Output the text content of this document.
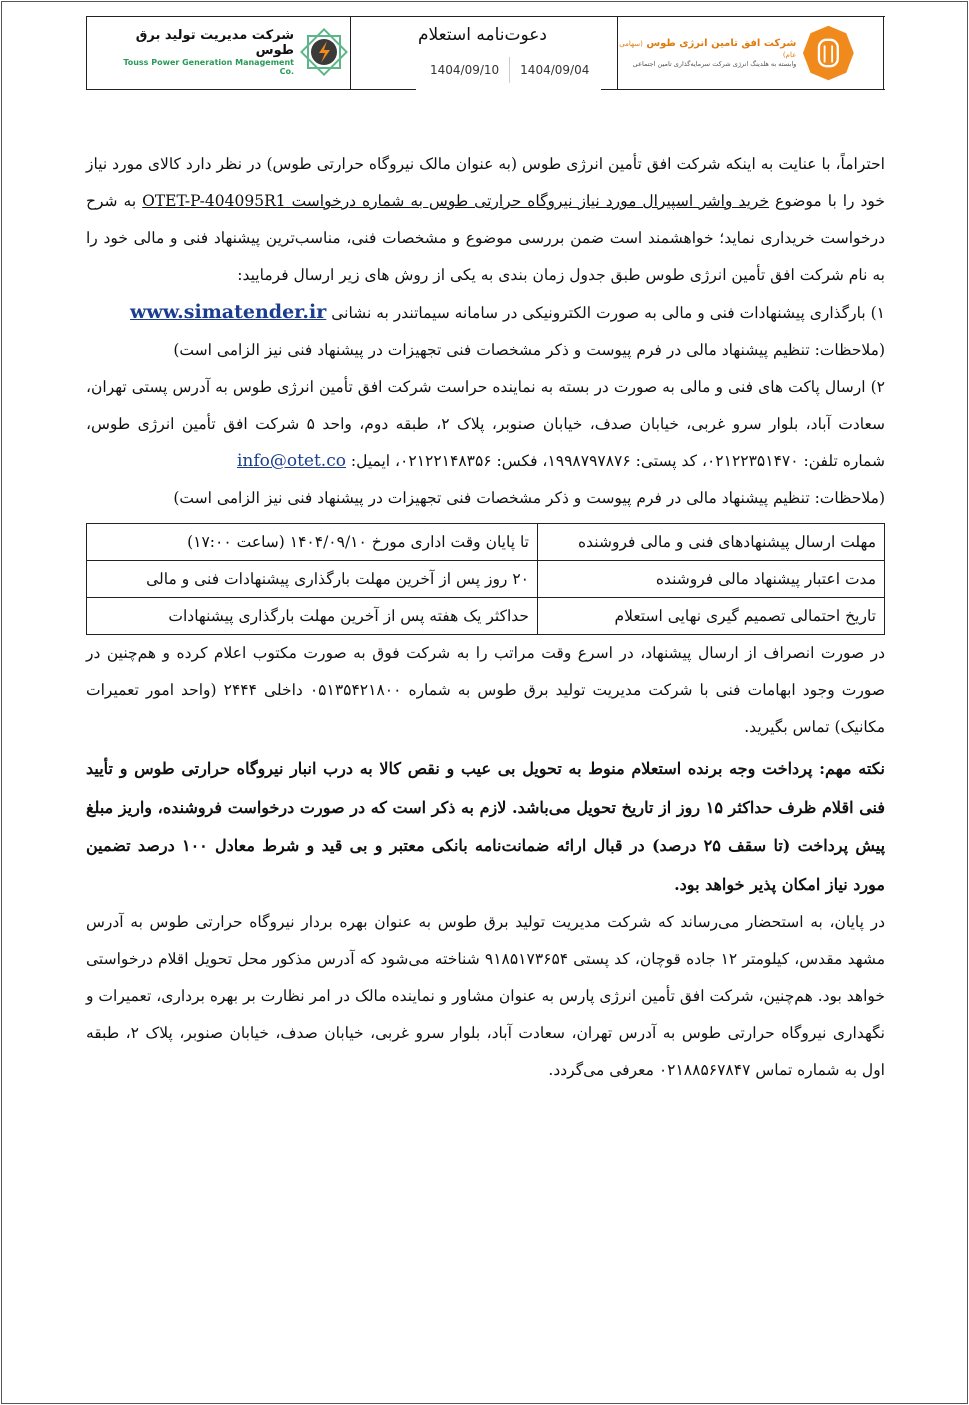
شرکت مدیریت تولید برق طوس
Touss Power Generation Management Co.
دعوت‌نامه استعلام
1404/09/10	1404/09/04
شرکت افق تامین انرژی طوس (سهامی عام)
وابسته به هلدینگ انرژی شرکت سرمایه‌گذاری تامین اجتماعی

احتراماً، با عنایت به اینکه شرکت افق تأمین انرژی طوس (به عنوان مالک نیروگاه حرارتی طوس) در نظر دارد کالای مورد نیاز خود را با موضوع خرید واشر اسپیرال مورد نیاز نیروگاه حرارتی طوس به شماره درخواست OTET-P-404095R1 به شرح درخواست خریداری نماید؛ خواهشمند است ضمن بررسی موضوع و مشخصات فنی، مناسب‌ترین پیشنهاد فنی و مالی خود را به نام شرکت افق تأمین انرژی طوس طبق جدول زمان بندی به یکی از روش های زیر ارسال فرمایید:

۱) بارگذاری پیشنهادات فنی و مالی به صورت الکترونیکی در سامانه سیماتندر به نشانی www.simatender.ir

(ملاحظات: تنظیم پیشنهاد مالی در فرم پیوست و ذکر مشخصات فنی تجهیزات در پیشنهاد فنی نیز الزامی است)

۲) ارسال پاکت های فنی و مالی به صورت در بسته به نماینده حراست شرکت افق تأمین انرژی طوس به آدرس پستی تهران، سعادت آباد، بلوار سرو غربی، خیابان صدف، خیابان صنوبر، پلاک ۲، طبقه دوم، واحد ۵ شرکت افق تأمین انرژی طوس، شماره تلفن: ۰۲۱۲۲۳۵۱۴۷۰، کد پستی: ۱۹۹۸۷۹۷۸۷۶، فکس: ۰۲۱۲۲۱۴۸۳۵۶، ایمیل: info@otet.co

(ملاحظات: تنظیم پیشنهاد مالی در فرم پیوست و ذکر مشخصات فنی تجهیزات در پیشنهاد فنی نیز الزامی است)

مهلت ارسال پیشنهادهای فنی و مالی فروشنده	تا پایان وقت اداری مورخ ۱۴۰۴/۰۹/۱۰ (ساعت ۱۷:۰۰)
مدت اعتبار پیشنهاد مالی فروشنده	۲۰ روز پس از آخرین مهلت بارگذاری پیشنهادات فنی و مالی
تاریخ احتمالی تصمیم گیری نهایی استعلام	حداکثر یک هفته پس از آخرین مهلت بارگذاری پیشنهادات

در صورت انصراف از ارسال پیشنهاد، در اسرع وقت مراتب را به شرکت فوق به صورت مکتوب اعلام کرده و هم‌چنین در صورت وجود ابهامات فنی با شرکت مدیریت تولید برق طوس به شماره ۰۵۱۳۵۴۲۱۸۰۰ داخلی ۲۴۴۴ (واحد امور تعمیرات مکانیک) تماس بگیرید.

نکته مهم: پرداخت وجه برنده استعلام منوط به تحویل بی عیب و نقص کالا به درب انبار نیروگاه حرارتی طوس و تأیید فنی اقلام ظرف حداکثر ۱۵ روز از تاریخ تحویل می‌باشد. لازم به ذکر است که در صورت درخواست فروشنده، واریز مبلغ پیش پرداخت (تا سقف ۲۵ درصد) در قبال ارائه ضمانت‌نامه بانکی معتبر و بی قید و شرط معادل ۱۰۰ درصد تضمین مورد نیاز امکان پذیر خواهد بود.

در پایان، به استحضار می‌رساند که شرکت مدیریت تولید برق طوس به عنوان بهره بردار نیروگاه حرارتی طوس به آدرس مشهد مقدس، کیلومتر ۱۲ جاده قوچان، کد پستی ۹۱۸۵۱۷۳۶۵۴ شناخته می‌شود که آدرس مذکور محل تحویل اقلام درخواستی خواهد بود. هم‌چنین، شرکت افق تأمین انرژی پارس به عنوان مشاور و نماینده مالک در امر نظارت بر بهره برداری، تعمیرات و نگهداری نیروگاه حرارتی طوس به آدرس تهران، سعادت آباد، بلوار سرو غربی، خیابان صدف، خیابان صنوبر، پلاک ۲، طبقه اول به شماره تماس ۰۲۱۸۸۵۶۷۸۴۷ معرفی می‌گردد.
